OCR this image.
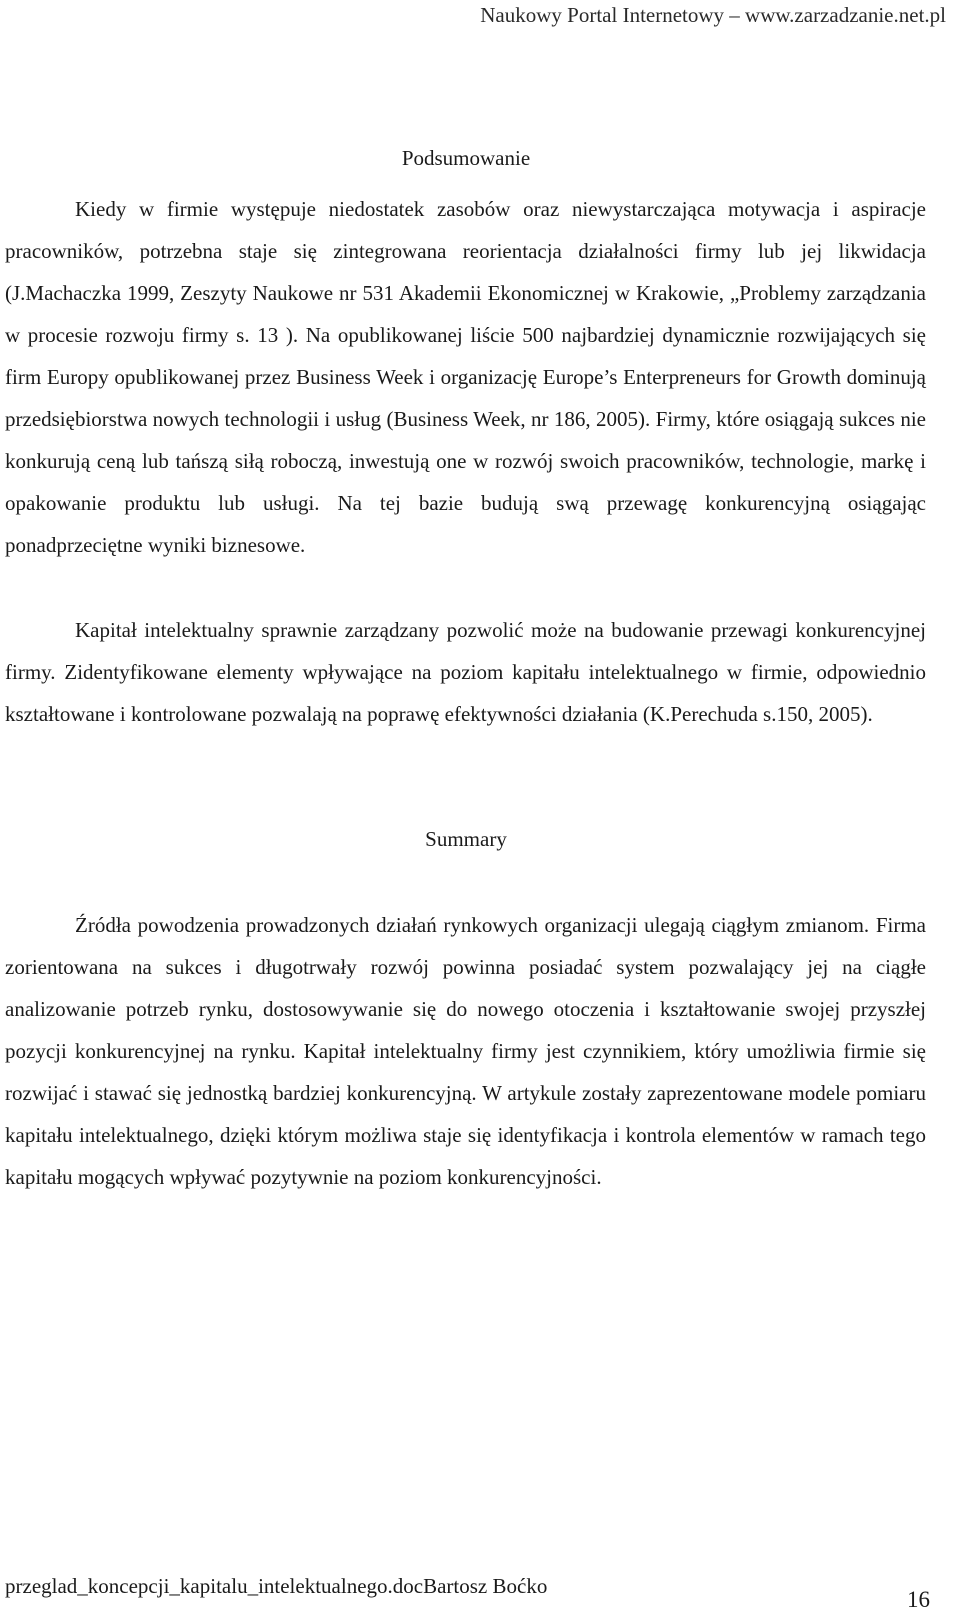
Naukowy Portal Internetowy – www.zarzadzanie.net.pl
Podsumowanie

Kiedy w firmie występuje niedostatek zasobów oraz niewystarczająca motywacja i aspiracje pracowników, potrzebna staje się zintegrowana reorientacja działalności firmy lub jej likwidacja (J.Machaczka 1999, Zeszyty Naukowe nr 531 Akademii Ekonomicznej w Krakowie, „Problemy zarządzania w procesie rozwoju firmy s. 13 ). Na opublikowanej liście 500 najbardziej dynamicznie rozwijających się firm Europy opublikowanej przez Business Week i organizację Europe’s Enterpreneurs for Growth dominują przedsiębiorstwa nowych technologii i usług (Business Week, nr 186, 2005). Firmy, które osiągają sukces nie konkurują ceną lub tańszą siłą roboczą, inwestują one w rozwój swoich pracowników, technologie, markę i opakowanie produktu lub usługi. Na tej bazie budują swą przewagę konkurencyjną osiągając ponadprzeciętne wyniki biznesowe.

Kapitał intelektualny sprawnie zarządzany pozwolić może na budowanie przewagi konkurencyjnej firmy. Zidentyfikowane elementy wpływające na poziom kapitału intelektualnego w firmie, odpowiednio kształtowane i kontrolowane pozwalają na poprawę efektywności działania (K.Perechuda s.150, 2005).

Summary

Źródła powodzenia prowadzonych działań rynkowych organizacji ulegają ciągłym zmianom. Firma zorientowana na sukces i długotrwały rozwój powinna posiadać system pozwalający jej na ciągłe analizowanie potrzeb rynku, dostosowywanie się do nowego otoczenia i kształtowanie swojej przyszłej pozycji konkurencyjnej na rynku. Kapitał intelektualny firmy jest czynnikiem, który umożliwia firmie się rozwijać i stawać się jednostką bardziej konkurencyjną. W artykule zostały zaprezentowane modele pomiaru kapitału intelektualnego, dzięki którym możliwa staje się identyfikacja i kontrola elementów w ramach tego kapitału mogących wpływać pozytywnie na poziom konkurencyjności.

przeglad_koncepcji_kapitalu_intelektualnego.docBartosz Boćko
16
